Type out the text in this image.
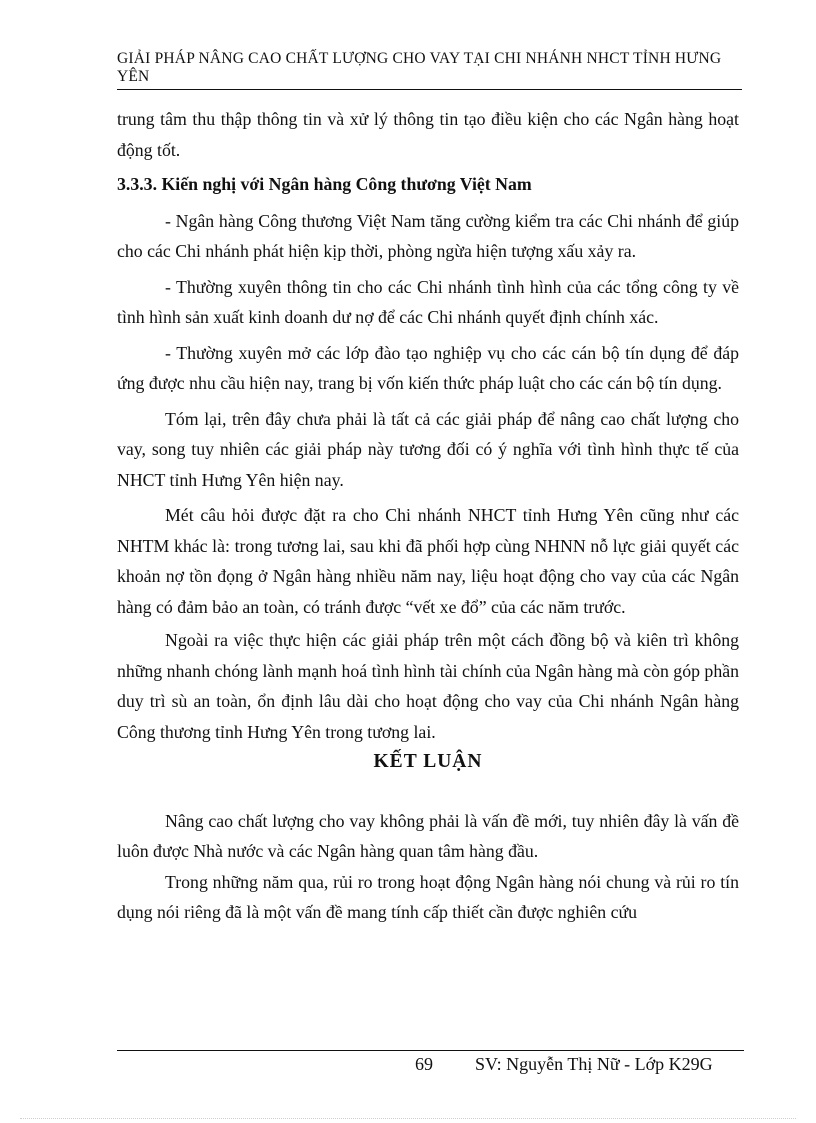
GIẢI PHÁP NÂNG CAO CHẤT LƯỢNG CHO VAY TẠI CHI NHÁNH NHCT TỈNH HƯNG YÊN

trung tâm thu thập thông tin và xử lý thông tin tạo điều kiện cho các Ngân hàng hoạt động tốt.

3.3.3. Kiến nghị với Ngân hàng Công thương Việt Nam

- Ngân hàng Công thương Việt Nam tăng cường kiểm tra các Chi nhánh để giúp cho các Chi nhánh phát hiện kịp thời, phòng ngừa hiện tượng xấu xảy ra.

- Thường xuyên thông tin cho các Chi nhánh tình hình của các tổng công ty về tình hình sản xuất kinh doanh dư nợ để các Chi nhánh quyết định chính xác.

- Thường xuyên mở các lớp đào tạo nghiệp vụ cho các cán bộ tín dụng để đáp ứng được nhu cầu hiện nay, trang bị vốn kiến thức pháp luật cho các cán bộ tín dụng.

Tóm lại, trên đây chưa phải là tất cả các giải pháp để nâng cao chất lượng cho vay, song tuy nhiên các giải pháp này tương đối có ý nghĩa với tình hình thực tế của NHCT tỉnh Hưng Yên hiện nay.

Mét câu hỏi được đặt ra cho Chi nhánh NHCT tỉnh Hưng Yên cũng như các NHTM khác là: trong tương lai, sau khi đã phối hợp cùng NHNN nỗ lực giải quyết các khoản nợ tồn đọng ở Ngân hàng nhiều năm nay, liệu hoạt động cho vay của các Ngân hàng có đảm bảo an toàn, có tránh được “vết xe đổ” của các năm trước.

Ngoài ra việc thực hiện các giải pháp trên một cách đồng bộ và kiên trì không những nhanh chóng lành mạnh hoá tình hình tài chính của Ngân hàng mà còn góp phần duy trì sù an toàn, ổn định lâu dài cho hoạt động cho vay của Chi nhánh Ngân hàng Công thương tỉnh Hưng Yên trong tương lai.

KẾT LUẬN

Nâng cao chất lượng cho vay không phải là vấn đề mới, tuy nhiên đây là vấn đề luôn được Nhà nước và các Ngân hàng quan tâm hàng đầu.

Trong những năm qua, rủi ro trong hoạt động Ngân hàng nói chung và rủi ro tín dụng nói riêng đã là một vấn đề mang tính cấp thiết cần được nghiên cứu

69 SV: Nguyễn Thị Nữ - Lớp K29G
